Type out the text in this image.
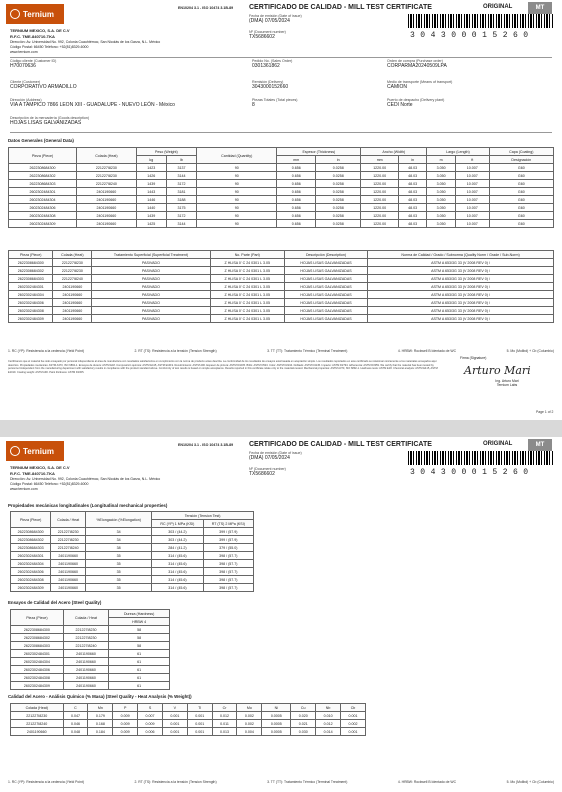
Ternium
EN10204 3.1 - ISO 10474 3.1B-89 CERTIFICADO DE CALIDAD - MILL TEST CERTIFICATE	ORIGINAL	MT
Fecha de emisión (Date of issue)
(DMA) 07/05/2024
Nº (Document number)
TX5686602	304300015260
TERNIUM MEXICO, S.A. DE C.V
R.F.C. TME-840710-TKA
Dirección: Av. Universidad No. 992, Colonia Cuauhtémoc, San Nicolás de los Garza, N.L. México
Código Postal: 66450 Teléfono: +52(81)8329-6000
www.ternium.com
Código cliente (Customer ID)
H70070636
Pedido No. (Sales Order)
0301361862
Orden de compra (Purchase order)
CORPARMA20240509LPA
Cliente (Customer)
CORPORATIVO ARMADILLO
Remisión (Delivery)
3043000152660
Medio de transporte (Means of transport)
CAMION
Dirección (Address)
VIA A TAMPICO 7866 LEON XIII - GUADALUPE - NUEVO LEÓN - México
Piezas Totales (Total pieces)
8
Puerto de despacho (Delivery plant)
CEDI Norte
Descripción de la mercadería (Goods description)
HOJAS LISAS GALVANIZADAS
Datos Generales (General Data)
Pieza (Piece)	Colada (Heat)	Peso (Weight)		Cantidad (Quantity)	Espesor (Thickness)		Ancho (Width)		Largo (Length)		Capa (Coating)
		kg	lb		mm	in	mm	in	m	ft	Designación
2622308684300	221227I8230	1423	3137	90	0.656	0.0258	1220.00	48.03	3.050	10.007	G60
2622308684302	221227I8230	1426	3144	90	0.656	0.0258	1220.00	48.03	3.050	10.007	G60
2622308684303	221227I8240	1439	3172	90	0.656	0.0258	1220.00	48.03	3.050	10.007	G60
2602302484301	2401190660	1443	3181	90	0.656	0.0258	1220.00	48.03	3.050	10.007	G60
2602302484304	2401190660	1446	3188	90	0.656	0.0258	1220.00	48.03	3.050	10.007	G60
2602302484306	2401190660	1440	3175	90	0.656	0.0258	1220.00	48.03	3.050	10.007	G60
2602302484308	2401190660	1439	3172	90	0.656	0.0258	1220.00	48.03	3.050	10.007	G60
2602302484309	2401190660	1425	3144	90	0.656	0.0258	1220.00	48.03	3.050	10.007	G60
Pieza (Piece)	Colada (Heat)	Tratamiento Superficial (Superficial Treatment)	No. Parte (Part)	Descripción (Description)	Norma de Calidad / Grado / Subnorma (Quality Norm / Grade / Sub-Norm)
2622308684300	221227I8230	PASIVADO	Z HLISA 0' C 24 0301 L 3.05	HOJAS LISAS GALVANIZADAS	ASTM A 653/3G 33 (V 2008 REV 0) /
2622308684302	221227I8230	PASIVADO	Z HLISA 0' C 24 0301 L 3.05	HOJAS LISAS GALVANIZADAS	ASTM A 653/3G 33 (V 2008 REV 0) /
2622308684303	221227I8240	PASIVADO	Z HLISA 0' C 24 0301 L 3.05	HOJAS LISAS GALVANIZADAS	ASTM A 653/3G 33 (V 2008 REV 0) /
2602302484301	2401190660	PASIVADO	Z HLISA 0' C 24 0301 L 3.05	HOJAS LISAS GALVANIZADAS	ASTM A 653/3G 33 (V 2008 REV 0) /
2602302484304	2401190660	PASIVADO	Z HLISA 0' C 24 0301 L 3.05	HOJAS LISAS GALVANIZADAS	ASTM A 653/3G 33 (V 2008 REV 0) /
2602302484306	2401190660	PASIVADO	Z HLISA 0' C 24 0301 L 3.05	HOJAS LISAS GALVANIZADAS	ASTM A 653/3G 33 (V 2008 REV 0) /
2602302484308	2401190660	PASIVADO	Z HLISA 0' C 24 0301 L 3.05	HOJAS LISAS GALVANIZADAS	ASTM A 653/3G 33 (V 2008 REV 0) /
2602302484309	2401190660	PASIVADO	Z HLISA 0' C 24 0301 L 3.05	HOJAS LISAS GALVANIZADAS	ASTM A 653/3G 33 (V 2008 REV 0) /
1. RC (YP): Resistencia a la cedencia (Yield Point)	2. RT (TS): Resistencia a la tensión (Tension Strength)	3. TT (TT): Tratamiento Térmico (Terminal Treatment)	4. HRBW: Rockwell B Identado de WC	5. Mo (Molibd) + Cb (Columbio)
Certificamos que el material fue sido ensayado por personal independiente al área de manufactura con resultados satisfactorios en cumplimiento con la norma de producto antes descrita. La conformidad de los resultados de ensayos está basada en aceptación simple. Los resultados reportados en este certificado se relacionan únicamente a los materiales ensayados aquí descritos. Propiedades mecánicas: ASTM A370, ISO 6892-1. Ensayos de dureza: ASTM E18. Composición química: ASTM E415, ASTM E1019. Recubrimiento: ASTM A90. Espesor de pintura: ASTM D1005. Brillo: ASTM D523. Color: ASTM D2244. Doblado: ASTM D4145. Impacto: ASTM D2794. Adherencia: ASTM D3359. We certify that the material has been tested by personnel independent from the manufacturing department with satisfactory results in compliance with the product standard above. Conformity of test results is based on simple acceptance. Results reported in this certificate relate only to the materials tested. Mechanical properties: ASTM A370, ISO 6892-1. Hardness tests: ASTM E18. Chemical analysis: ASTM E415, ASTM E1019. Coating weight: ASTM A90. Paint thickness: ASTM D1005.
Firma (Signature)
Arturo Mari
Ing. Arturo Mari
Ternium Labs
Page 1 of 2
Ternium
EN10204 3.1 - ISO 10474 3.1B-89 CERTIFICADO DE CALIDAD - MILL TEST CERTIFICATE	ORIGINAL	MT
Fecha de emisión (Date of issue)
(DMA) 07/05/2024
Nº (Document number)
TX5686602	304300015260
TERNIUM MEXICO, S.A. DE C.V
R.F.C. TME-840710-TKA
Dirección: Av. Universidad No. 992, Colonia Cuauhtémoc, San Nicolás de los Garza, N.L. México
Código Postal: 66450 Teléfono: +52(81)8329-6000
www.ternium.com
Propiedades mecánicas longitudinales (Longitudinal mechanical properties)
Pieza (Piece)	Colada / Heat	%Elongación (%Elongation)	Tensión (Tension Test)	
			RC (YP) 1 MPa (KSI)	RT (TS) 2 MPa (KSI)
2622308684300	221227I8230	34	303 / (44.2)	399 / (57.9)
2622308684302	221227I8230	34	303 / (44.2)	399 / (57.9)
2622308684303	221227I8240	38	284 / (41.2)	379 / (55.0)
2602302484301	2401190660	35	314 / (45.6)	398 / (57.7)
2602302484304	2401190660	35	314 / (45.6)	398 / (57.7)
2602302484306	2401190660	35	314 / (45.6)	398 / (57.7)
2602302484308	2401190660	35	314 / (45.6)	398 / (57.7)
2602302484309	2401190660	35	314 / (45.6)	398 / (57.7)
Ensayos de Calidad del Acero (Steel Quality)
Pieza (Piece)	Colada / Heat	Dureza (Hardness)
		HRBW 4
2622308684300	221227I8230	58
2622308684302	221227I8230	58
2622308684303	221227I8240	58
2602302484301	2401190660	61
2602302484304	2401190660	61
2602302484306	2401190660	61
2602302484308	2401190660	61
2602302484309	2401190660	61
Calidad del Acero - Análisis Químico (% Masa) (Steel Quality - Heat Analysis (% Weight))
Colada (Heat)	C	Mn	P	S	V	Ti	Cr	Mo	Ni	Cu	Nb	Cb
221227I8230	0.047	0.179	0.009	0.007	0.001	0.001	0.012	0.002	0.0005	0.020	0.010	0.001
221227I8240	0.046	0.168	0.009	0.009	0.001	0.001	0.011	0.002	0.0005	0.021	0.012	0.002
2401190660	0.048	0.184	0.009	0.006	0.001	0.001	0.013	0.004	0.0005	0.030	0.014	0.001
1. RC (YP): Resistencia a la cedencia (Yield Point)	2. RT (TS): Resistencia a la tensión (Tension Strength)	3. TT (TT): Tratamiento Térmico (Terminal Treatment)	4. HRBW: Rockwell B Identado de WC	5. Mo (Molibd) + Cb (Columbio)
